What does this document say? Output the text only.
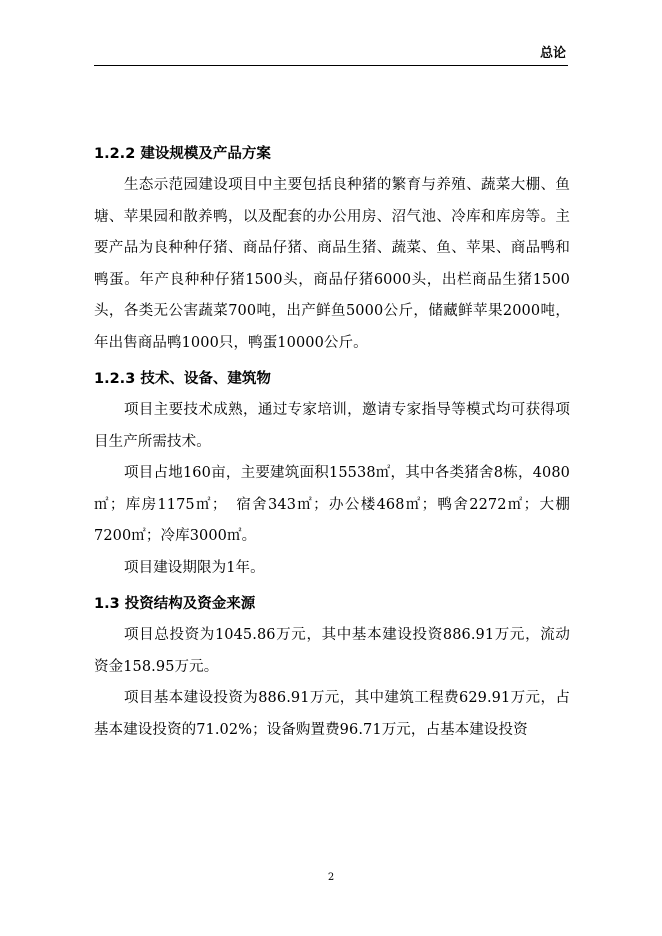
总论
1.2.2 建设规模及产品方案

生态示范园建设项目中主要包括良种猪的繁育与养殖、蔬菜大棚、鱼塘、苹果园和散养鸭，以及配套的办公用房、沼气池、冷库和库房等。主要产品为良种种仔猪、商品仔猪、商品生猪、蔬菜、鱼、苹果、商品鸭和鸭蛋。年产良种种仔猪1500头，商品仔猪6000头，出栏商品生猪1500头，各类无公害蔬菜700吨，出产鲜鱼5000公斤，储藏鲜苹果2000吨，年出售商品鸭1000只，鸭蛋10000公斤。

1.2.3 技术、设备、建筑物

项目主要技术成熟，通过专家培训，邀请专家指导等模式均可获得项目生产所需技术。

项目占地160亩，主要建筑面积15538㎡，其中各类猪舍8栋，4080㎡；库房1175㎡；　宿舍343㎡；办公楼468㎡；鸭舍2272㎡；大棚7200㎡；冷库3000㎡。

项目建设期限为1年。

1.3 投资结构及资金来源

项目总投资为1045.86万元，其中基本建设投资886.91万元，流动资金158.95万元。

项目基本建设投资为886.91万元，其中建筑工程费629.91万元，占基本建设投资的71.02%；设备购置费96.71万元，占基本建设投资

2
